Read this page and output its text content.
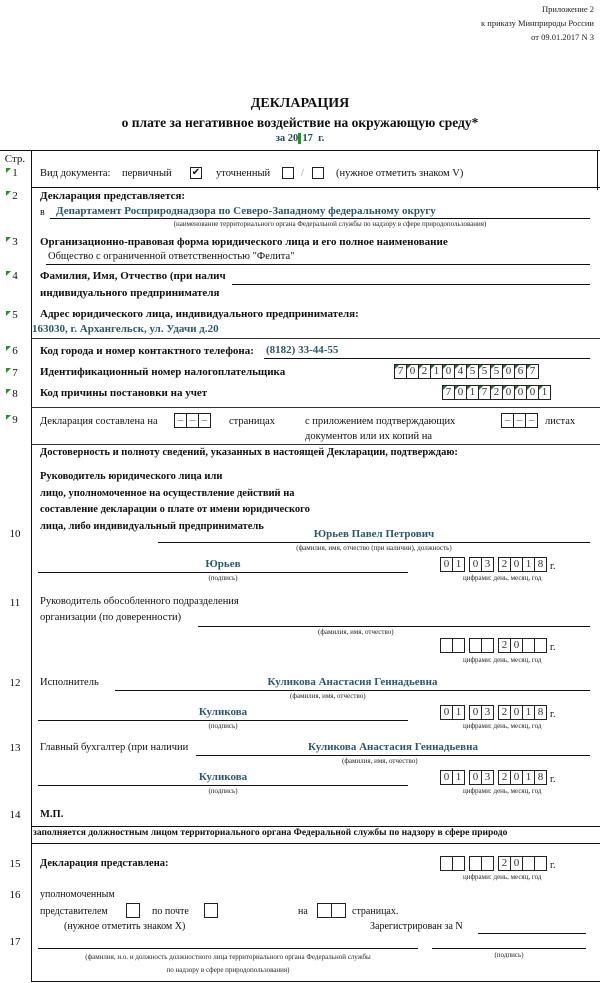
Приложение 2
к приказу Минприроды России
от 09.01.2017 N 3
ДЕКЛАРАЦИЯ
о плате за негативное воздействие на окружающую среду*
за 20 17 г.
Стр.
1	Вид документа: первичный ✔ уточненный	/	(нужное отметить знаком V)
2	Декларация представляется:
в Департамент Росприроднадзора по Северо-Западному федеральному округу
(наименование территориального органа Федеральной службы по надзору в сфере природопользования)
3	Организационно-правовая форма юридического лица и его полное наименование
Общество с ограниченной ответственностью "Фелита"
4	Фамилия, Имя, Отчество (при налич
индивидуального предпринимателя
5	Адрес юридического лица, индивидуального предпринимателя:
163030, г. Архангельск, ул. Удачи д.20
6	Код города и номер контактного телефона: (8182) 33-44-55
7	Идентификационный номер налогоплательщика	7 0 2 1 0 4 5 5 5 0 6 7
8	Код причины постановки на учет	7 0 1 7 2 0 0 0 1
9	Декларация составлена на	– – –	страницах	с приложением подтверждающих
документов или их копий на
– – –	листах
Достоверность и полноту сведений, указанных в настоящей Декларации, подтверждаю:
Руководитель юридического лица или
лицо, уполномоченное на осуществление действий на
составление декларации о плате от имени юридического
лица, либо индивидуальный предприниматель
10	Юрьев Павел Петрович
(фамилия, имя, отчество (при наличии), должность)
Юрьев
(подпись)
0 1	0 3	2 0 1 8 г.
цифрами: день, месяц, год
11	Руководитель обособленного подразделения
организации (по доверенности)
(фамилия, имя, отчество)
2 0	г.
цифрами: день, месяц, год
12	Исполнитель	Куликова Анастасия Геннадьевна
(фамилия, имя, отчество)
Куликова
(подпись)
0 1	0 3	2 0 1 8 г.
цифрами: день, месяц, год
13	Главный бухгалтер (при наличии	Куликова Анастасия Геннадьевна
(фамилия, имя, отчество)
Куликова
(подпись)
0 1	0 3	2 0 1 8 г.
цифрами: день, месяц, год
14	М.П.
заполняется должностным лицом территориального органа Федеральной службы по надзору в сфере природо
15	Декларация представлена:	2 0	г.
цифрами: день, месяц, год
16	уполномоченным
представителем	по почте	на	страницах.
(нужное отметить знаком X)	Зарегистрирован за N
17
(фамилия, и.о. и должность должностного лица территориального органа Федеральной службы
по надзору в сфере природопользования)
(подпись)
